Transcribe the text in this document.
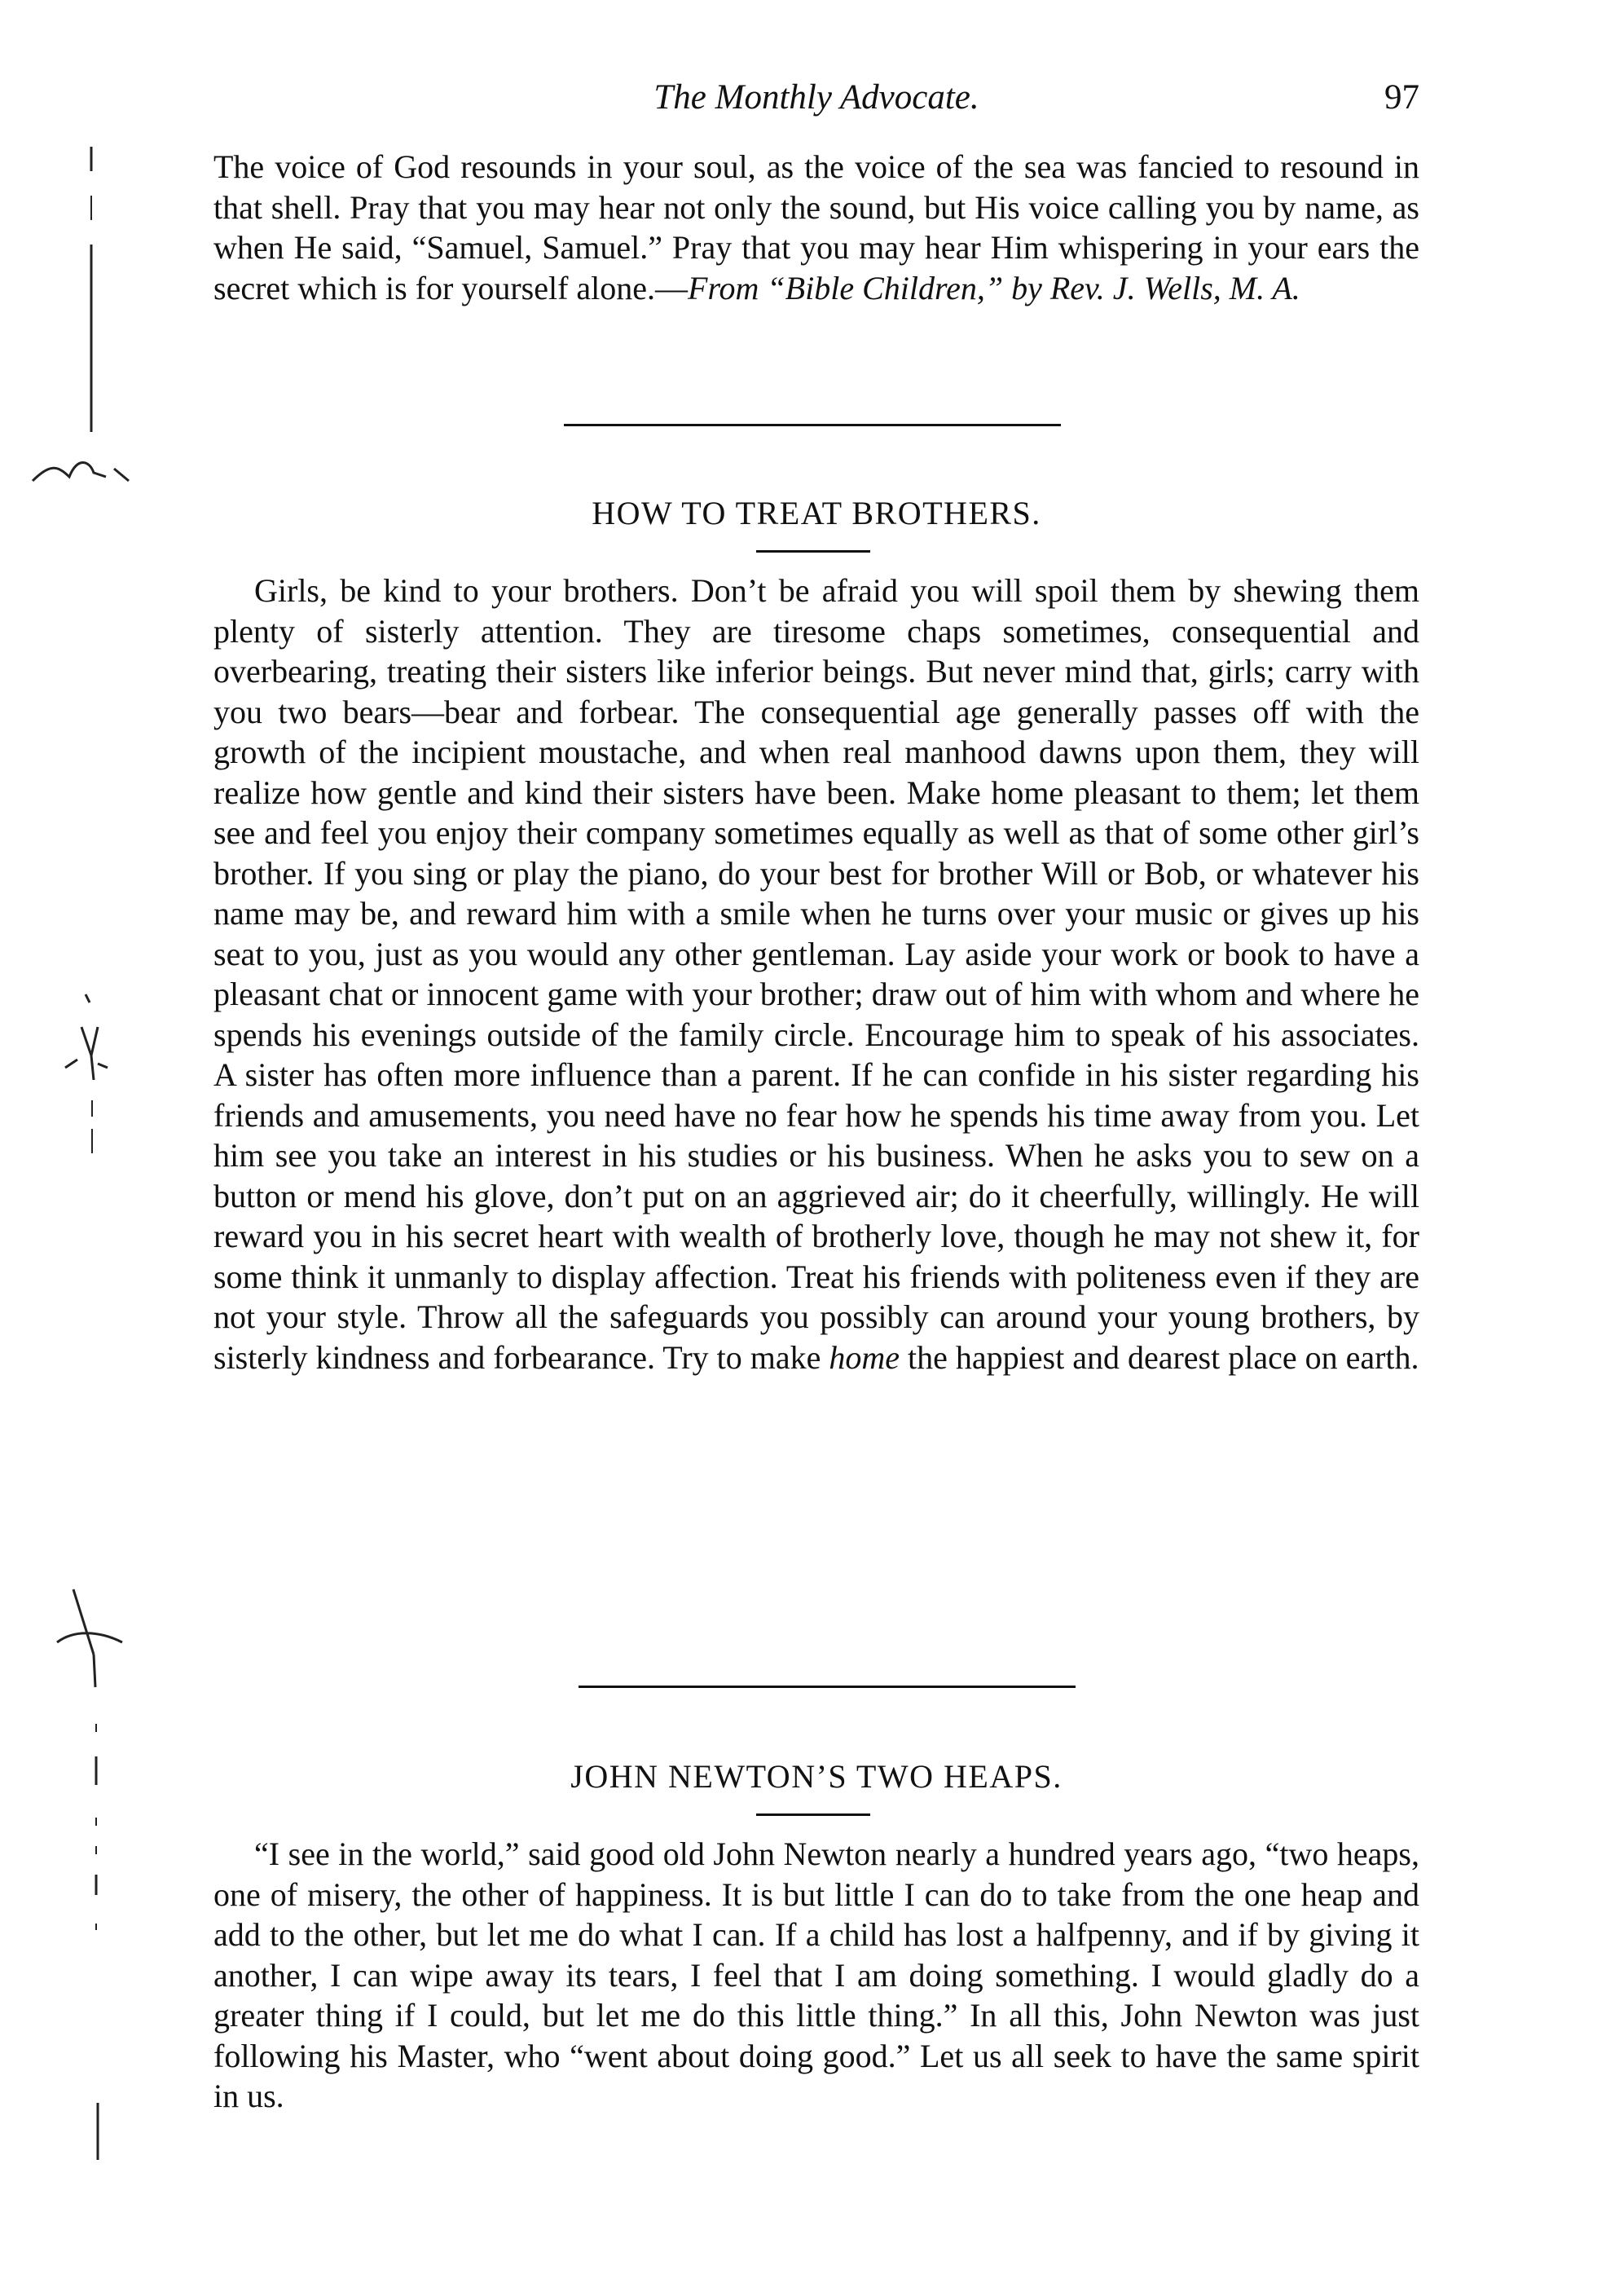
The Monthly Advocate.	97

The voice of God resounds in your soul, as the voice of the sea was fancied to resound in that shell. Pray that you may hear not only the sound, but His voice calling you by name, as when He said, “Samuel, Samuel.” Pray that you may hear Him whispering in your ears the secret which is for yourself alone.—From “Bible Children,” by Rev. J. Wells, M. A.

HOW TO TREAT BROTHERS.

Girls, be kind to your brothers. Don’t be afraid you will spoil them by shewing them plenty of sisterly attention. They are tiresome chaps sometimes, consequential and overbearing, treating their sisters like inferior beings. But never mind that, girls; carry with you two bears—bear and forbear. The consequential age generally passes off with the growth of the incipient moustache, and when real manhood dawns upon them, they will realize how gentle and kind their sisters have been. Make home pleasant to them; let them see and feel you enjoy their company sometimes equally as well as that of some other girl’s brother. If you sing or play the piano, do your best for brother Will or Bob, or whatever his name may be, and reward him with a smile when he turns over your music or gives up his seat to you, just as you would any other gentleman. Lay aside your work or book to have a pleasant chat or innocent game with your brother; draw out of him with whom and where he spends his evenings outside of the family circle. Encourage him to speak of his associates. A sister has often more influence than a parent. If he can confide in his sister regarding his friends and amusements, you need have no fear how he spends his time away from you. Let him see you take an interest in his studies or his business. When he asks you to sew on a button or mend his glove, don’t put on an aggrieved air; do it cheerfully, willingly. He will reward you in his secret heart with wealth of brotherly love, though he may not shew it, for some think it unmanly to display affection. Treat his friends with politeness even if they are not your style. Throw all the safeguards you possibly can around your young brothers, by sisterly kindness and forbearance. Try to make home the happiest and dearest place on earth.

JOHN NEWTON’S TWO HEAPS.

“I see in the world,” said good old John Newton nearly a hundred years ago, “two heaps, one of misery, the other of happiness. It is but little I can do to take from the one heap and add to the other, but let me do what I can. If a child has lost a halfpenny, and if by giving it another, I can wipe away its tears, I feel that I am doing something. I would gladly do a greater thing if I could, but let me do this little thing.” In all this, John Newton was just following his Master, who “went about doing good.” Let us all seek to have the same spirit in us.
